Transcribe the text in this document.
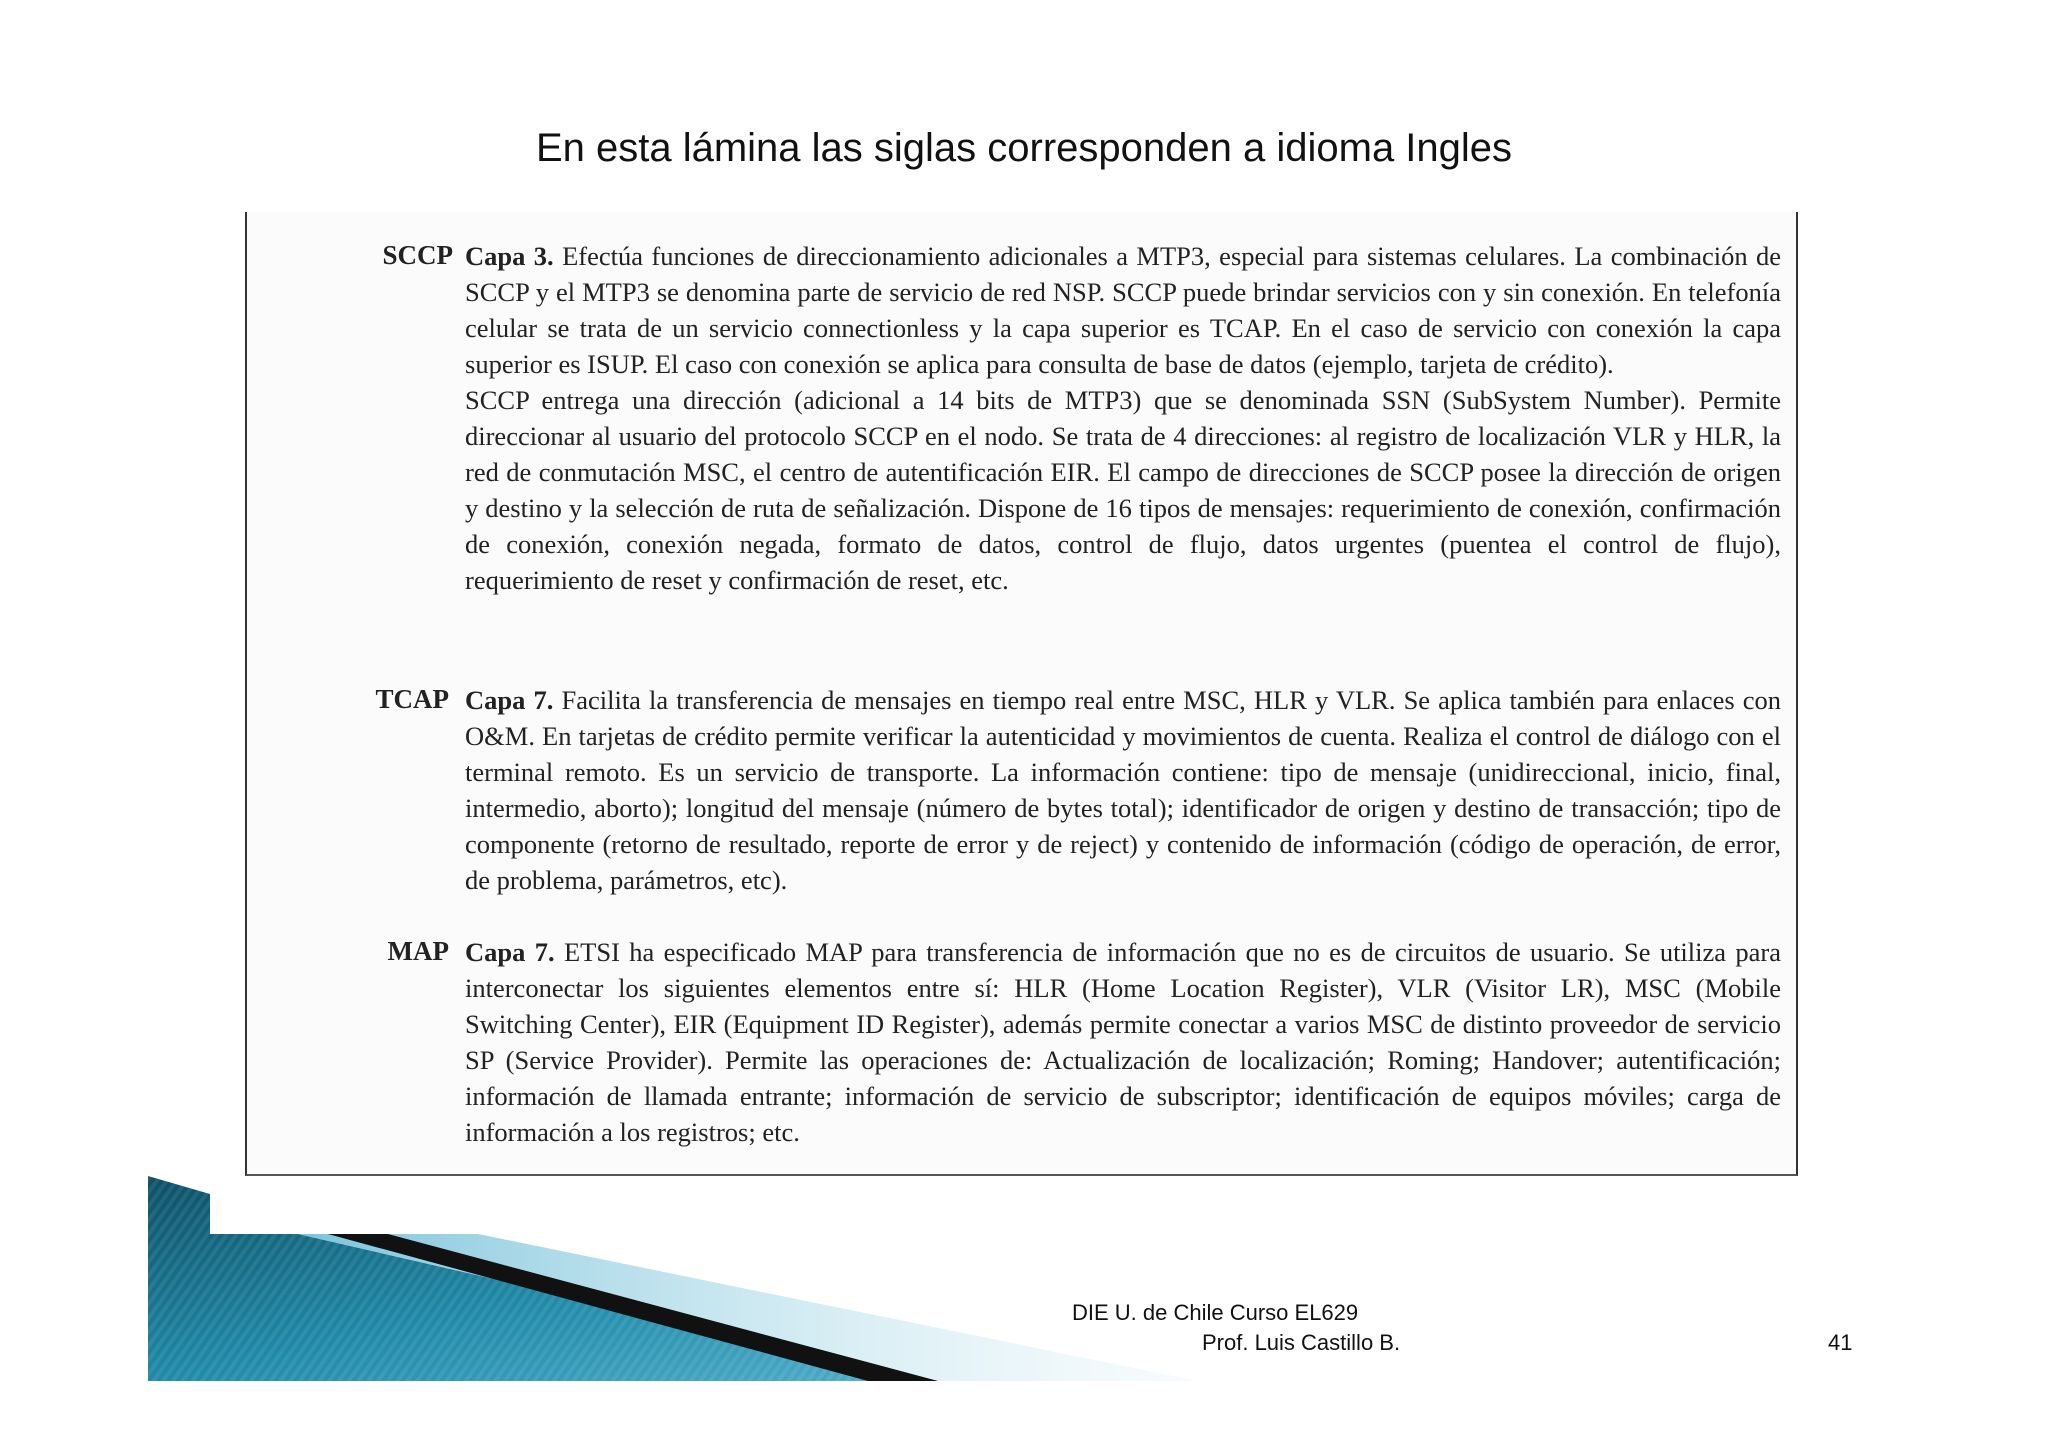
En esta lámina las siglas corresponden a idioma Ingles
SCCP Capa 3. Efectúa funciones de direccionamiento adicionales a MTP3, especial para sistemas celulares. La combinación de SCCP y el MTP3 se denomina parte de servicio de red NSP. SCCP puede brindar servicios con y sin conexión. En telefonía celular se trata de un servicio connectionless y la capa superior es TCAP. En el caso de servicio con conexión la capa superior es ISUP. El caso con conexión se aplica para consulta de base de datos (ejemplo, tarjeta de crédito).

SCCP entrega una dirección (adicional a 14 bits de MTP3) que se denominada SSN (SubSystem Number). Permite direccionar al usuario del protocolo SCCP en el nodo. Se trata de 4 direcciones: al registro de localización VLR y HLR, la red de conmutación MSC, el centro de autentificación EIR. El campo de direcciones de SCCP posee la dirección de origen y destino y la selección de ruta de señalización. Dispone de 16 tipos de mensajes: requerimiento de conexión, confirmación de conexión, conexión negada, formato de datos, control de flujo, datos urgentes (puentea el control de flujo), requerimiento de reset y confirmación de reset, etc.

TCAP Capa 7. Facilita la transferencia de mensajes en tiempo real entre MSC, HLR y VLR. Se aplica también para enlaces con O&M. En tarjetas de crédito permite verificar la autenticidad y movimientos de cuenta. Realiza el control de diálogo con el terminal remoto. Es un servicio de transporte. La información contiene: tipo de mensaje (unidireccional, inicio, final, intermedio, aborto); longitud del mensaje (número de bytes total); identificador de origen y destino de transacción; tipo de componente (retorno de resultado, reporte de error y de reject) y contenido de información (código de operación, de error, de problema, parámetros, etc).

MAP Capa 7. ETSI ha especificado MAP para transferencia de información que no es de circuitos de usuario. Se utiliza para interconectar los siguientes elementos entre sí: HLR (Home Location Register), VLR (Visitor LR), MSC (Mobile Switching Center), EIR (Equipment ID Register), además permite conectar a varios MSC de distinto proveedor de servicio SP (Service Provider). Permite las operaciones de: Actualización de localización; Roming; Handover; autentificación; información de llamada entrante; información de servicio de subscriptor; identificación de equipos móviles; carga de información a los registros; etc.

DIE U. de Chile Curso EL629
Prof. Luis Castillo B.	41
